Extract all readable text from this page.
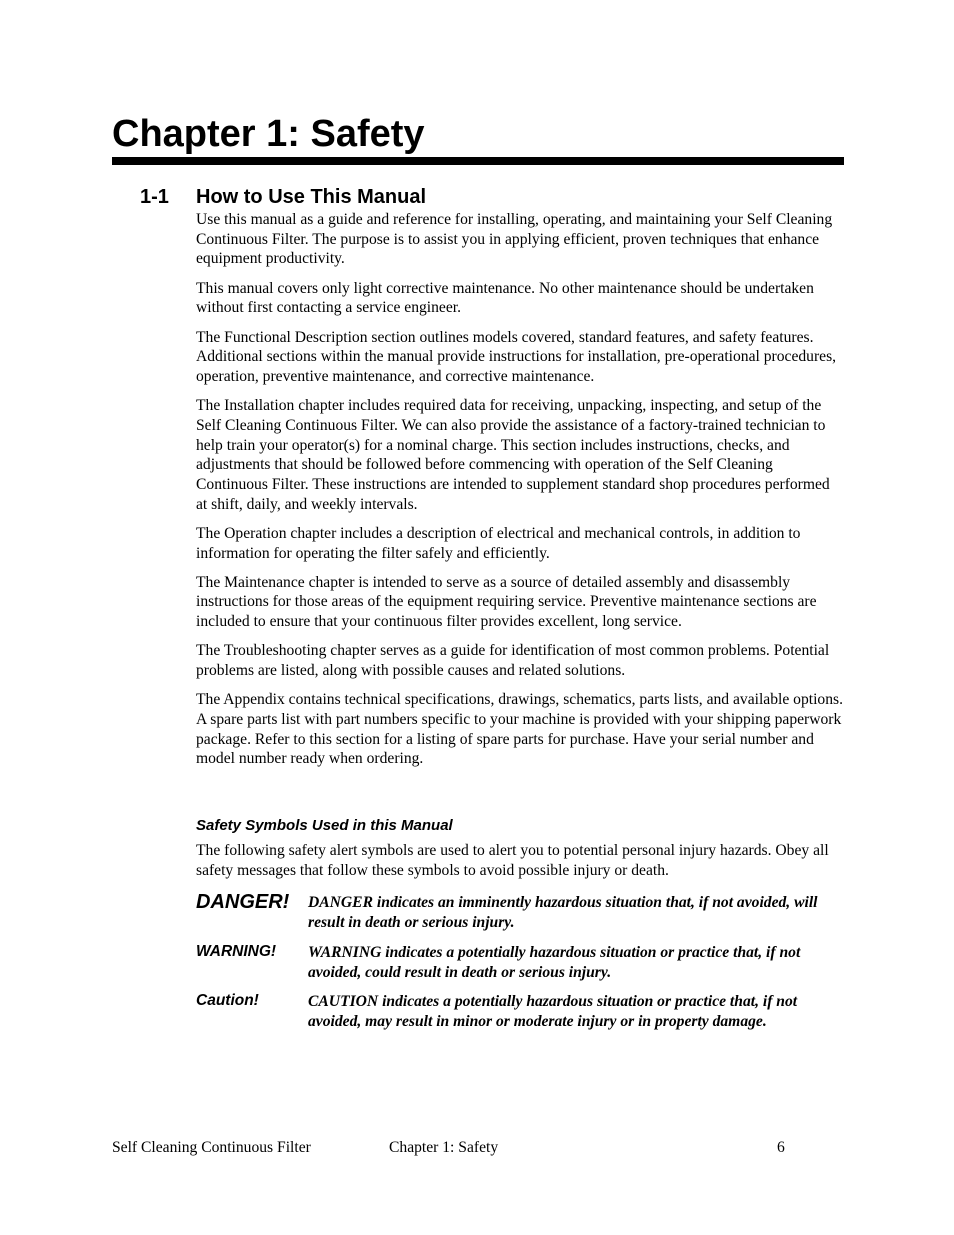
Chapter 1: Safety
1-1 How to Use This Manual

Use this manual as a guide and reference for installing, operating, and maintaining your Self Cleaning Continuous Filter. The purpose is to assist you in applying efficient, proven techniques that enhance equipment productivity.

This manual covers only light corrective maintenance. No other maintenance should be undertaken without first contacting a service engineer.

The Functional Description section outlines models covered, standard features, and safety features. Additional sections within the manual provide instructions for installation, pre-operational procedures, operation, preventive maintenance, and corrective maintenance.

The Installation chapter includes required data for receiving, unpacking, inspecting, and setup of the Self Cleaning Continuous Filter. We can also provide the assistance of a factory-trained technician to help train your operator(s) for a nominal charge. This section includes instructions, checks, and adjustments that should be followed before commencing with operation of the Self Cleaning Continuous Filter. These instructions are intended to supplement standard shop procedures performed at shift, daily, and weekly intervals.

The Operation chapter includes a description of electrical and mechanical controls, in addition to information for operating the filter safely and efficiently.

The Maintenance chapter is intended to serve as a source of detailed assembly and disassembly instructions for those areas of the equipment requiring service. Preventive maintenance sections are included to ensure that your continuous filter provides excellent, long service.

The Troubleshooting chapter serves as a guide for identification of most common problems. Potential problems are listed, along with possible causes and related solutions.

The Appendix contains technical specifications, drawings, schematics, parts lists, and available options. A spare parts list with part numbers specific to your machine is provided with your shipping paperwork package. Refer to this section for a listing of spare parts for purchase. Have your serial number and model number ready when ordering.

Safety Symbols Used in this Manual

The following safety alert symbols are used to alert you to potential personal injury hazards. Obey all safety messages that follow these symbols to avoid possible injury or death.

DANGER! DANGER indicates an imminently hazardous situation that, if not avoided, will result in death or serious injury.
WARNING! WARNING indicates a potentially hazardous situation or practice that, if not avoided, could result in death or serious injury.
Caution!	CAUTION indicates a potentially hazardous situation or practice that, if not avoided, may result in minor or moderate injury or in property damage.
Self Cleaning Continuous Filter	Chapter 1: Safety	6
